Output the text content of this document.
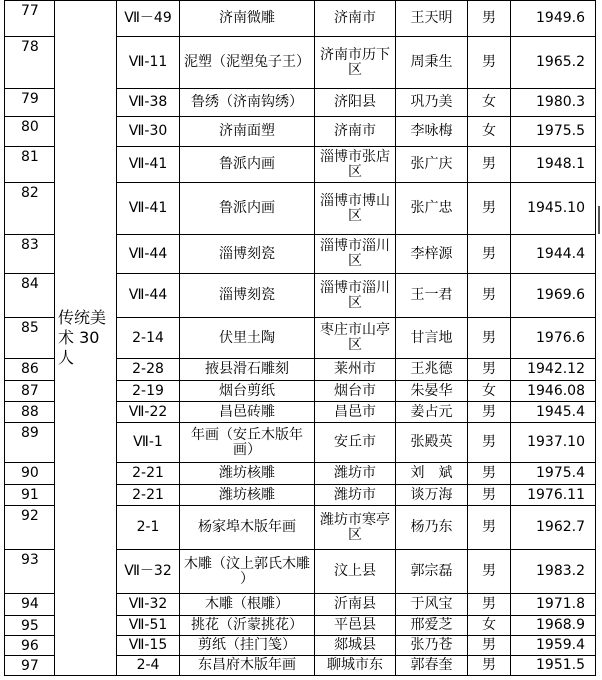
77	传统美术 30 人	Ⅶ－49	济南微雕	济南市	王天明	男	1949.6
78		Ⅶ-11	泥塑（泥塑兔子王）	济南市历下区	周秉生	男	1965.2
79		Ⅶ-38	鲁绣（济南钩绣）	济阳县	巩乃美	女	1980.3
80		Ⅶ-30	济南面塑	济南市	李咏梅	女	1975.5
81		Ⅶ-41	鲁派内画	淄博市张店区	张广庆	男	1948.1
82		Ⅶ-41	鲁派内画	淄博市博山区	张广忠	男	1945.10
83		Ⅶ-44	淄博刻瓷	淄博市淄川区	李梓源	男	1944.4
84		Ⅶ-44	淄博刻瓷	淄博市淄川区	王一君	男	1969.6
85		2-14	伏里土陶	枣庄市山亭区	甘言地	男	1976.6
86		2-28	掖县滑石雕刻	莱州市	王兆德	男	1942.12
87		2-19	烟台剪纸	烟台市	朱晏华	女	1946.08
88		Ⅶ-22	昌邑砖雕	昌邑市	姜占元	男	1945.4
89		Ⅶ-1	年画（安丘木版年画）	安丘市	张殿英	男	1937.10
90		2-21	潍坊核雕	潍坊市	刘　斌	男	1975.4
91		2-21	潍坊核雕	潍坊市	谈万海	男	1976.11
92		2-1	杨家埠木版年画	潍坊市寒亭区	杨乃东	男	1962.7
93		Ⅶ－32	木雕（汶上郭氏木雕 ）	汶上县	郭宗磊	男	1983.2
94		Ⅶ-32	木雕（根雕）	沂南县	于风宝	男	1971.8
95		Ⅶ-51	挑花（沂蒙挑花）	平邑县	邢爱芝	女	1968.9
96		Ⅶ-15	剪纸（挂门笺）	郯城县	张乃苍	男	1959.4
97		2-4	东昌府木版年画	聊城市东	郭春奎	男	1951.5
